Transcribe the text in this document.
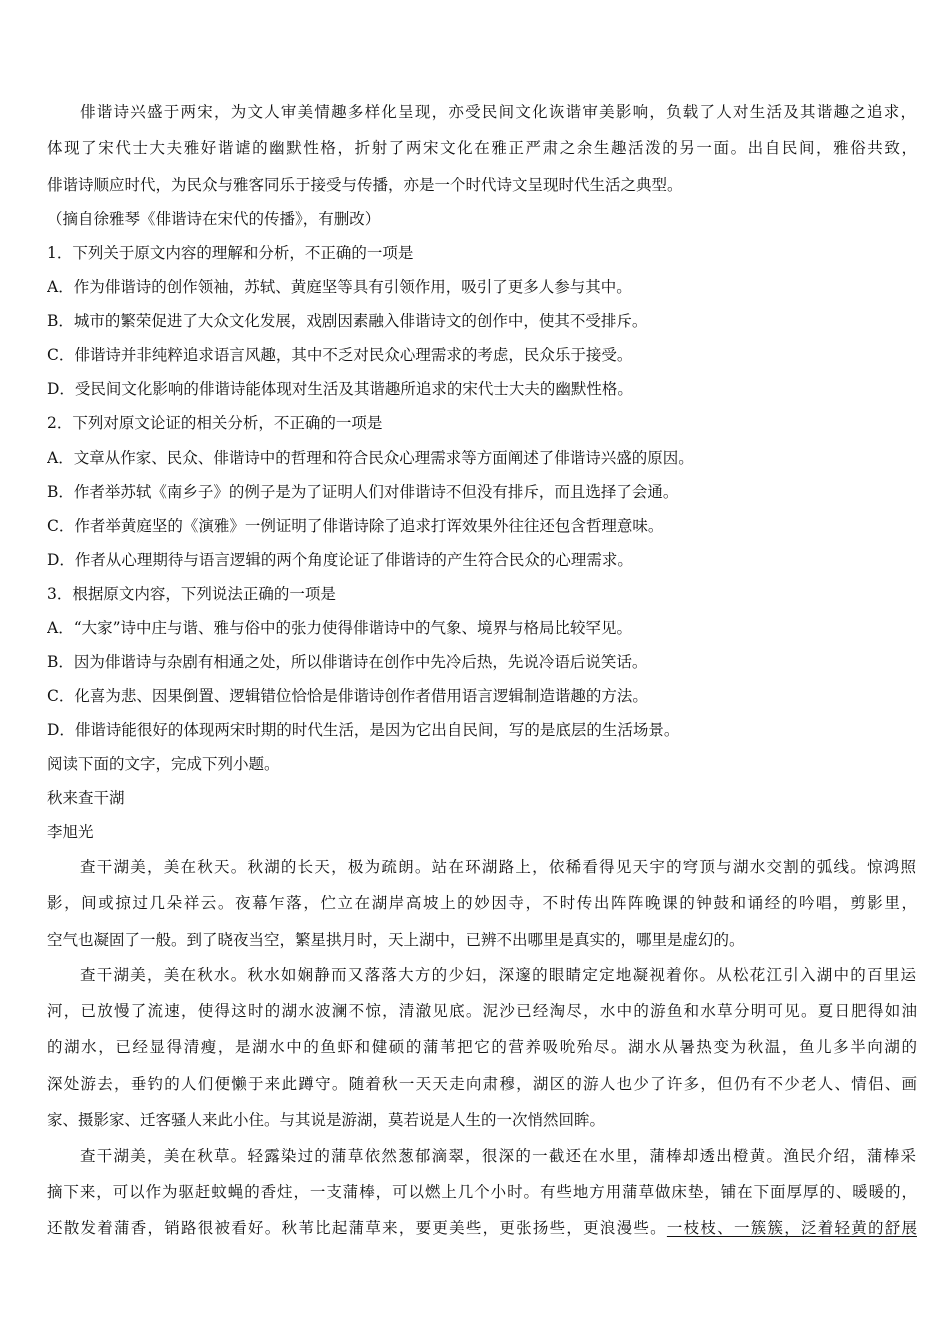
俳谐诗兴盛于两宋，为文人审美情趣多样化呈现，亦受民间文化诙谐审美影响，负载了人对生活及其谐趣之追求，
体现了宋代士大夫雅好谐谑的幽默性格，折射了两宋文化在雅正严肃之余生趣活泼的另一面。出自民间，雅俗共致，
俳谐诗顺应时代，为民众与雅客同乐于接受与传播，亦是一个时代诗文呈现时代生活之典型。
（摘自徐雅琴《俳谐诗在宋代的传播》，有删改）
1．下列关于原文内容的理解和分析，不正确的一项是
A．作为俳谐诗的创作领袖，苏轼、黄庭坚等具有引领作用，吸引了更多人参与其中。
B．城市的繁荣促进了大众文化发展，戏剧因素融入俳谐诗文的创作中，使其不受排斥。
C．俳谐诗并非纯粹追求语言风趣，其中不乏对民众心理需求的考虑，民众乐于接受。
D．受民间文化影响的俳谐诗能体现对生活及其谐趣所追求的宋代士大夫的幽默性格。
2．下列对原文论证的相关分析，不正确的一项是
A．文章从作家、民众、俳谐诗中的哲理和符合民众心理需求等方面阐述了俳谐诗兴盛的原因。
B．作者举苏轼《南乡子》的例子是为了证明人们对俳谐诗不但没有排斥，而且选择了会通。
C．作者举黄庭坚的《演雅》一例证明了俳谐诗除了追求打诨效果外往往还包含哲理意味。
D．作者从心理期待与语言逻辑的两个角度论证了俳谐诗的产生符合民众的心理需求。
3．根据原文内容，下列说法正确的一项是
A．“大家”诗中庄与谐、雅与俗中的张力使得俳谐诗中的气象、境界与格局比较罕见。
B．因为俳谐诗与杂剧有相通之处，所以俳谐诗在创作中先冷后热，先说冷语后说笑话。
C．化喜为悲、因果倒置、逻辑错位恰恰是俳谐诗创作者借用语言逻辑制造谐趣的方法。
D．俳谐诗能很好的体现两宋时期的时代生活，是因为它出自民间，写的是底层的生活场景。
阅读下面的文字，完成下列小题。
秋来查干湖
李旭光
查干湖美，美在秋天。秋湖的长天，极为疏朗。站在环湖路上，依稀看得见天宇的穹顶与湖水交割的弧线。惊鸿照
影，间或掠过几朵祥云。夜幕乍落，伫立在湖岸高坡上的妙因寺，不时传出阵阵晚课的钟鼓和诵经的吟唱，剪影里，
空气也凝固了一般。到了晓夜当空，繁星拱月时，天上湖中，已辨不出哪里是真实的，哪里是虚幻的。
查干湖美，美在秋水。秋水如娴静而又落落大方的少妇，深邃的眼睛定定地凝视着你。从松花江引入湖中的百里运
河，已放慢了流速，使得这时的湖水波澜不惊，清澈见底。泥沙已经淘尽，水中的游鱼和水草分明可见。夏日肥得如油
的湖水，已经显得清瘦，是湖水中的鱼虾和健硕的蒲苇把它的营养吸吮殆尽。湖水从暑热变为秋温，鱼儿多半向湖的
深处游去，垂钓的人们便懒于来此蹲守。随着秋一天天走向肃穆，湖区的游人也少了许多，但仍有不少老人、情侣、画
家、摄影家、迁客骚人来此小住。与其说是游湖，莫若说是人生的一次悄然回眸。
查干湖美，美在秋草。轻露染过的蒲草依然葱郁滴翠，很深的一截还在水里，蒲棒却透出橙黄。渔民介绍，蒲棒采
摘下来，可以作为驱赶蚊蝇的香炷，一支蒲棒，可以燃上几个小时。有些地方用蒲草做床垫，铺在下面厚厚的、暖暖的，
还散发着蒲香，销路很被看好。秋苇比起蒲草来，要更美些，更张扬些，更浪漫些。一枝枝、一簇簇，泛着轻黄的舒展
